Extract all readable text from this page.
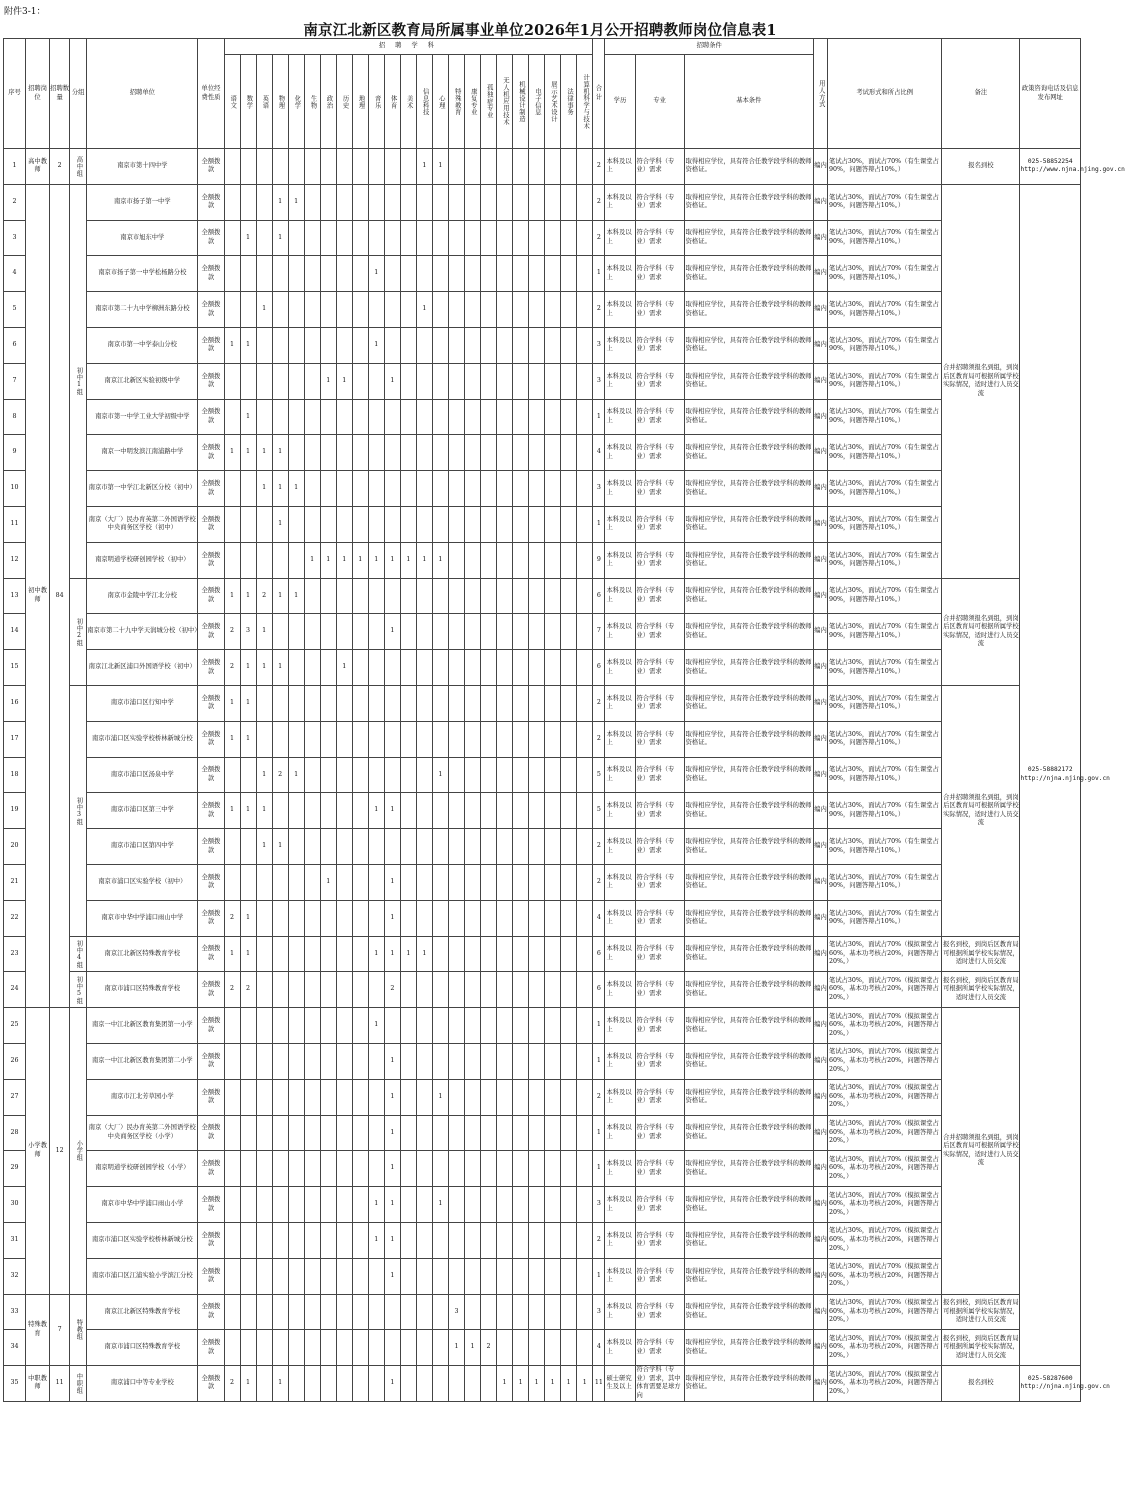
附件3-1：
南京江北新区教育局所属事业单位2026年1月公开招聘教师岗位信息表1
序号	招聘岗位	招聘数量	分组	招聘单位	单位经费性质	招 聘 学 科																							合计	招聘条件			用人方式	考试形式和所占比例	备注	政策咨询电话及信息发布网址
						语文	数学	英语	物理	化学	生物	政治	历史	地理	音乐	体育	美术	信息科技	心理	特殊教育	康复专业	孤独症专业	无人机应用技术	机械设计制造	电子信息	展示艺术设计	法律事务	计算机科学与技术		学历	专业	基本条件				
1	高中教师	2	高中组	南京市第十四中学	全额拨款													1	1										2	本科及以上	符合学科（专业）需求	取得相应学位，具有符合任教学段学科的教师资格证。	编内	笔试占30%，面试占70%（有生课堂占90%，问题答辩占10%。）	报名到校	025-58852254 http://www.njna.njing.gov.cn
2	初中教师	84	初中1组	南京市扬子第一中学	全额拨款				1	1																			2	本科及以上	符合学科（专业）需求	取得相应学位，具有符合任教学段学科的教师资格证。	编内	笔试占30%，面试占70%（有生课堂占90%，问题答辩占10%。）	合并招聘须报名到组，到岗后区教育局可根据所属学校实际情况，适时进行人员交流	025-58882172 http://njna.njing.gov.cn
3				南京市旭东中学	全额拨款		1		1																				2	本科及以上	符合学科（专业）需求	取得相应学位，具有符合任教学段学科的教师资格证。	编内	笔试占30%，面试占70%（有生课堂占90%，问题答辩占10%。）		
4				南京市扬子第一中学松杨路分校	全额拨款										1														1	本科及以上	符合学科（专业）需求	取得相应学位，具有符合任教学段学科的教师资格证。	编内	笔试占30%，面试占70%（有生课堂占90%，问题答辩占10%。）		
5				南京市第二十九中学柳洲东路分校	全额拨款			1										1											2	本科及以上	符合学科（专业）需求	取得相应学位，具有符合任教学段学科的教师资格证。	编内	笔试占30%，面试占70%（有生课堂占90%，问题答辩占10%。）		
6				南京市第一中学泰山分校	全额拨款	1	1								1														3	本科及以上	符合学科（专业）需求	取得相应学位，具有符合任教学段学科的教师资格证。	编内	笔试占30%，面试占70%（有生课堂占90%，问题答辩占10%。）		
7				南京江北新区实验初级中学	全额拨款							1	1			1													3	本科及以上	符合学科（专业）需求	取得相应学位，具有符合任教学段学科的教师资格证。	编内	笔试占30%，面试占70%（有生课堂占90%，问题答辩占10%。）		
8				南京市第一中学工业大学初级中学	全额拨款		1																						1	本科及以上	符合学科（专业）需求	取得相应学位，具有符合任教学段学科的教师资格证。	编内	笔试占30%，面试占70%（有生课堂占90%，问题答辩占10%。）		
9				南京一中明发滨江南浦路中学	全额拨款	1	1	1	1																				4	本科及以上	符合学科（专业）需求	取得相应学位，具有符合任教学段学科的教师资格证。	编内	笔试占30%，面试占70%（有生课堂占90%，问题答辩占10%。）		
10				南京市第一中学江北新区分校（初中）	全额拨款			1	1	1																			3	本科及以上	符合学科（专业）需求	取得相应学位，具有符合任教学段学科的教师资格证。	编内	笔试占30%，面试占70%（有生课堂占90%，问题答辩占10%。）		
11				南京（大厂）民办育英第二外国语学校中央商务区学校（初中）	全额拨款				1																				1	本科及以上	符合学科（专业）需求	取得相应学位，具有符合任教学段学科的教师资格证。	编内	笔试占30%，面试占70%（有生课堂占90%，问题答辩占10%。）		
12				南京明道学校研创园学校（初中）	全额拨款						1	1	1	1	1	1	1	1	1										9	本科及以上	符合学科（专业）需求	取得相应学位，具有符合任教学段学科的教师资格证。	编内	笔试占30%，面试占70%（有生课堂占90%，问题答辩占10%。）		
13			初中2组	南京市金陵中学江北分校	全额拨款	1	1	2	1	1																			6	本科及以上	符合学科（专业）需求	取得相应学位，具有符合任教学段学科的教师资格证。	编内	笔试占30%，面试占70%（有生课堂占90%，问题答辩占10%。）	合并招聘须报名到组，到岗后区教育局可根据所属学校实际情况，适时进行人员交流	
14				南京市第二十九中学天润城分校（初中）	全额拨款	2	3	1								1													7	本科及以上	符合学科（专业）需求	取得相应学位，具有符合任教学段学科的教师资格证。	编内	笔试占30%，面试占70%（有生课堂占90%，问题答辩占10%。）		
15				南京江北新区浦口外国语学校（初中）	全额拨款	2	1	1	1				1																6	本科及以上	符合学科（专业）需求	取得相应学位，具有符合任教学段学科的教师资格证。	编内	笔试占30%，面试占70%（有生课堂占90%，问题答辩占10%。）		
16			初中3组	南京市浦口区行知中学	全额拨款	1	1																						2	本科及以上	符合学科（专业）需求	取得相应学位，具有符合任教学段学科的教师资格证。	编内	笔试占30%，面试占70%（有生课堂占90%，问题答辩占10%。）	合并招聘须报名到组，到岗后区教育局可根据所属学校实际情况，适时进行人员交流	
17				南京市浦口区实验学校桥林新城分校	全额拨款	1	1																						2	本科及以上	符合学科（专业）需求	取得相应学位，具有符合任教学段学科的教师资格证。	编内	笔试占30%，面试占70%（有生课堂占90%，问题答辩占10%。）		
18				南京市浦口区汤泉中学	全额拨款			1	2	1									1										5	本科及以上	符合学科（专业）需求	取得相应学位，具有符合任教学段学科的教师资格证。	编内	笔试占30%，面试占70%（有生课堂占90%，问题答辩占10%。）		
19				南京市浦口区第三中学	全额拨款	1	1	1							1	1													5	本科及以上	符合学科（专业）需求	取得相应学位，具有符合任教学段学科的教师资格证。	编内	笔试占30%，面试占70%（有生课堂占90%，问题答辩占10%。）		
20				南京市浦口区第四中学	全额拨款			1	1																				2	本科及以上	符合学科（专业）需求	取得相应学位，具有符合任教学段学科的教师资格证。	编内	笔试占30%，面试占70%（有生课堂占90%，问题答辩占10%。）		
21				南京市浦口区实验学校（初中）	全额拨款							1				1													2	本科及以上	符合学科（专业）需求	取得相应学位，具有符合任教学段学科的教师资格证。	编内	笔试占30%，面试占70%（有生课堂占90%，问题答辩占10%。）		
22				南京市中华中学浦口雨山中学	全额拨款	2	1									1													4	本科及以上	符合学科（专业）需求	取得相应学位，具有符合任教学段学科的教师资格证。	编内	笔试占30%，面试占70%（有生课堂占90%，问题答辩占10%。）		
23			初中4组	南京江北新区特殊教育学校	全额拨款	1	1								1	1	1	1											6	本科及以上	符合学科（专业）需求	取得相应学位，具有符合任教学段学科的教师资格证。	编内	笔试占30%，面试占70%（模拟课堂占60%，基本功考核占20%，问题答辩占20%。）	报名到校，到岗后区教育局可根据所属学校实际情况，适时进行人员交流	
24			初中5组	南京市浦口区特殊教育学校	全额拨款	2	2									2													6	本科及以上	符合学科（专业）需求	取得相应学位，具有符合任教学段学科的教师资格证。	编内	笔试占30%，面试占70%（模拟课堂占60%，基本功考核占20%，问题答辩占20%。）	报名到校，到岗后区教育局可根据所属学校实际情况，适时进行人员交流	
25	小学教师	12	小学组	南京一中江北新区教育集团第一小学	全额拨款										1														1	本科及以上	符合学科（专业）需求	取得相应学位，具有符合任教学段学科的教师资格证。	编内	笔试占30%，面试占70%（模拟课堂占60%，基本功考核占20%，问题答辩占20%。）	合并招聘须报名到组，到岗后区教育局可根据所属学校实际情况，适时进行人员交流	
26				南京一中江北新区教育集团第二小学	全额拨款											1													1	本科及以上	符合学科（专业）需求	取得相应学位，具有符合任教学段学科的教师资格证。	编内	笔试占30%，面试占70%（模拟课堂占60%，基本功考核占20%，问题答辩占20%。）		
27				南京市江北芳草园小学	全额拨款											1			1										2	本科及以上	符合学科（专业）需求	取得相应学位，具有符合任教学段学科的教师资格证。	编内	笔试占30%，面试占70%（模拟课堂占60%，基本功考核占20%，问题答辩占20%。）		
28				南京（大厂）民办育英第二外国语学校中央商务区学校（小学）	全额拨款											1													1	本科及以上	符合学科（专业）需求	取得相应学位，具有符合任教学段学科的教师资格证。	编内	笔试占30%，面试占70%（模拟课堂占60%，基本功考核占20%，问题答辩占20%。）		
29				南京明道学校研创园学校（小学）	全额拨款											1													1	本科及以上	符合学科（专业）需求	取得相应学位，具有符合任教学段学科的教师资格证。	编内	笔试占30%，面试占70%（模拟课堂占60%，基本功考核占20%，问题答辩占20%。）		
30				南京市中华中学浦口雨山小学	全额拨款										1	1			1										3	本科及以上	符合学科（专业）需求	取得相应学位，具有符合任教学段学科的教师资格证。	编内	笔试占30%，面试占70%（模拟课堂占60%，基本功考核占20%，问题答辩占20%。）		
31				南京市浦口区实验学校桥林新城分校	全额拨款										1	1													2	本科及以上	符合学科（专业）需求	取得相应学位，具有符合任教学段学科的教师资格证。	编内	笔试占30%，面试占70%（模拟课堂占60%，基本功考核占20%，问题答辩占20%。）		
32				南京市浦口区江浦实验小学滨江分校	全额拨款											1													1	本科及以上	符合学科（专业）需求	取得相应学位，具有符合任教学段学科的教师资格证。	编内	笔试占30%，面试占70%（模拟课堂占60%，基本功考核占20%，问题答辩占20%。）		
33	特殊教育	7	特教组	南京江北新区特殊教育学校	全额拨款															3									3	本科及以上	符合学科（专业）需求	取得相应学位，具有符合任教学段学科的教师资格证。	编内	笔试占30%，面试占70%（模拟课堂占60%，基本功考核占20%，问题答辩占20%。）	报名到校，到岗后区教育局可根据所属学校实际情况，适时进行人员交流	
34				南京市浦口区特殊教育学校	全额拨款															1	1	2							4	本科及以上	符合学科（专业）需求	取得相应学位，具有符合任教学段学科的教师资格证。	编内	笔试占30%，面试占70%（模拟课堂占60%，基本功考核占20%，问题答辩占20%。）	报名到校，到岗后区教育局可根据所属学校实际情况，适时进行人员交流	
35	中职教师	11	中职组	南京浦口中等专业学校	全额拨款	2	1		1							1							1	1	1	1	1	1	11	硕士研究生及以上	符合学科（专业）需求，其中体育需要足球方向	取得相应学位，具有符合任教学段学科的教师资格证。	编内	笔试占30%，面试占70%（模拟课堂占60%，基本功考核占20%，问题答辩占20%。）	报名到校	025-58287600 http://njna.njing.gov.cn
